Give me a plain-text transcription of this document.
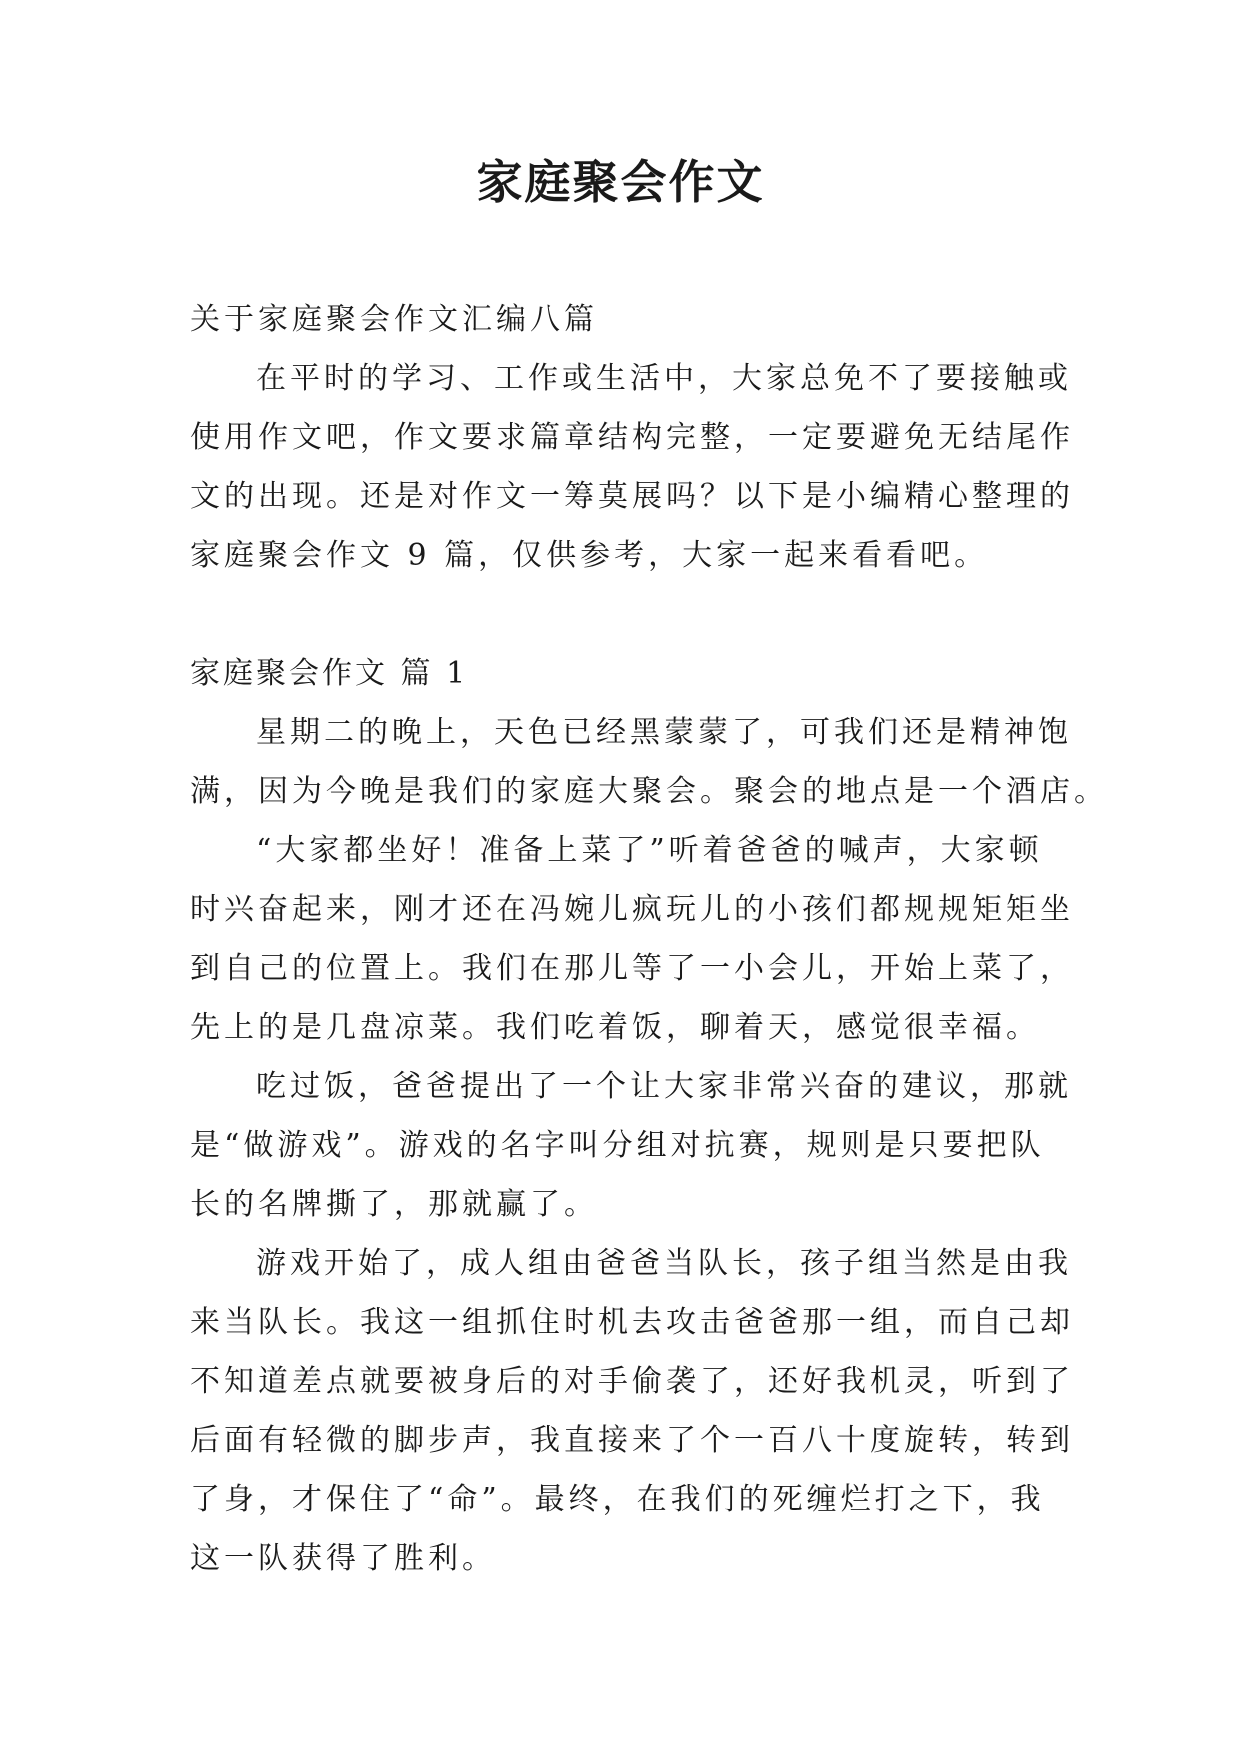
家庭聚会作文

关于家庭聚会作文汇编八篇

在平时的学习、工作或生活中，大家总免不了要接触或

使用作文吧，作文要求篇章结构完整，一定要避免无结尾作

文的出现。还是对作文一筹莫展吗？以下是小编精心整理的

家庭聚会作文 9 篇，仅供参考，大家一起来看看吧。

家庭聚会作文 篇 1

星期二的晚上，天色已经黑蒙蒙了，可我们还是精神饱

满，因为今晚是我们的家庭大聚会。聚会的地点是一个酒店。

“大家都坐好！准备上菜了”听着爸爸的喊声，大家顿

时兴奋起来，刚才还在冯婉儿疯玩儿的小孩们都规规矩矩坐

到自己的位置上。我们在那儿等了一小会儿，开始上菜了，

先上的是几盘凉菜。我们吃着饭，聊着天，感觉很幸福。

吃过饭，爸爸提出了一个让大家非常兴奋的建议，那就

是“做游戏”。游戏的名字叫分组对抗赛，规则是只要把队

长的名牌撕了，那就赢了。

游戏开始了，成人组由爸爸当队长，孩子组当然是由我

来当队长。我这一组抓住时机去攻击爸爸那一组，而自己却

不知道差点就要被身后的对手偷袭了，还好我机灵，听到了

后面有轻微的脚步声，我直接来了个一百八十度旋转，转到

了身，才保住了“命”。最终，在我们的死缠烂打之下，我

这一队获得了胜利。
